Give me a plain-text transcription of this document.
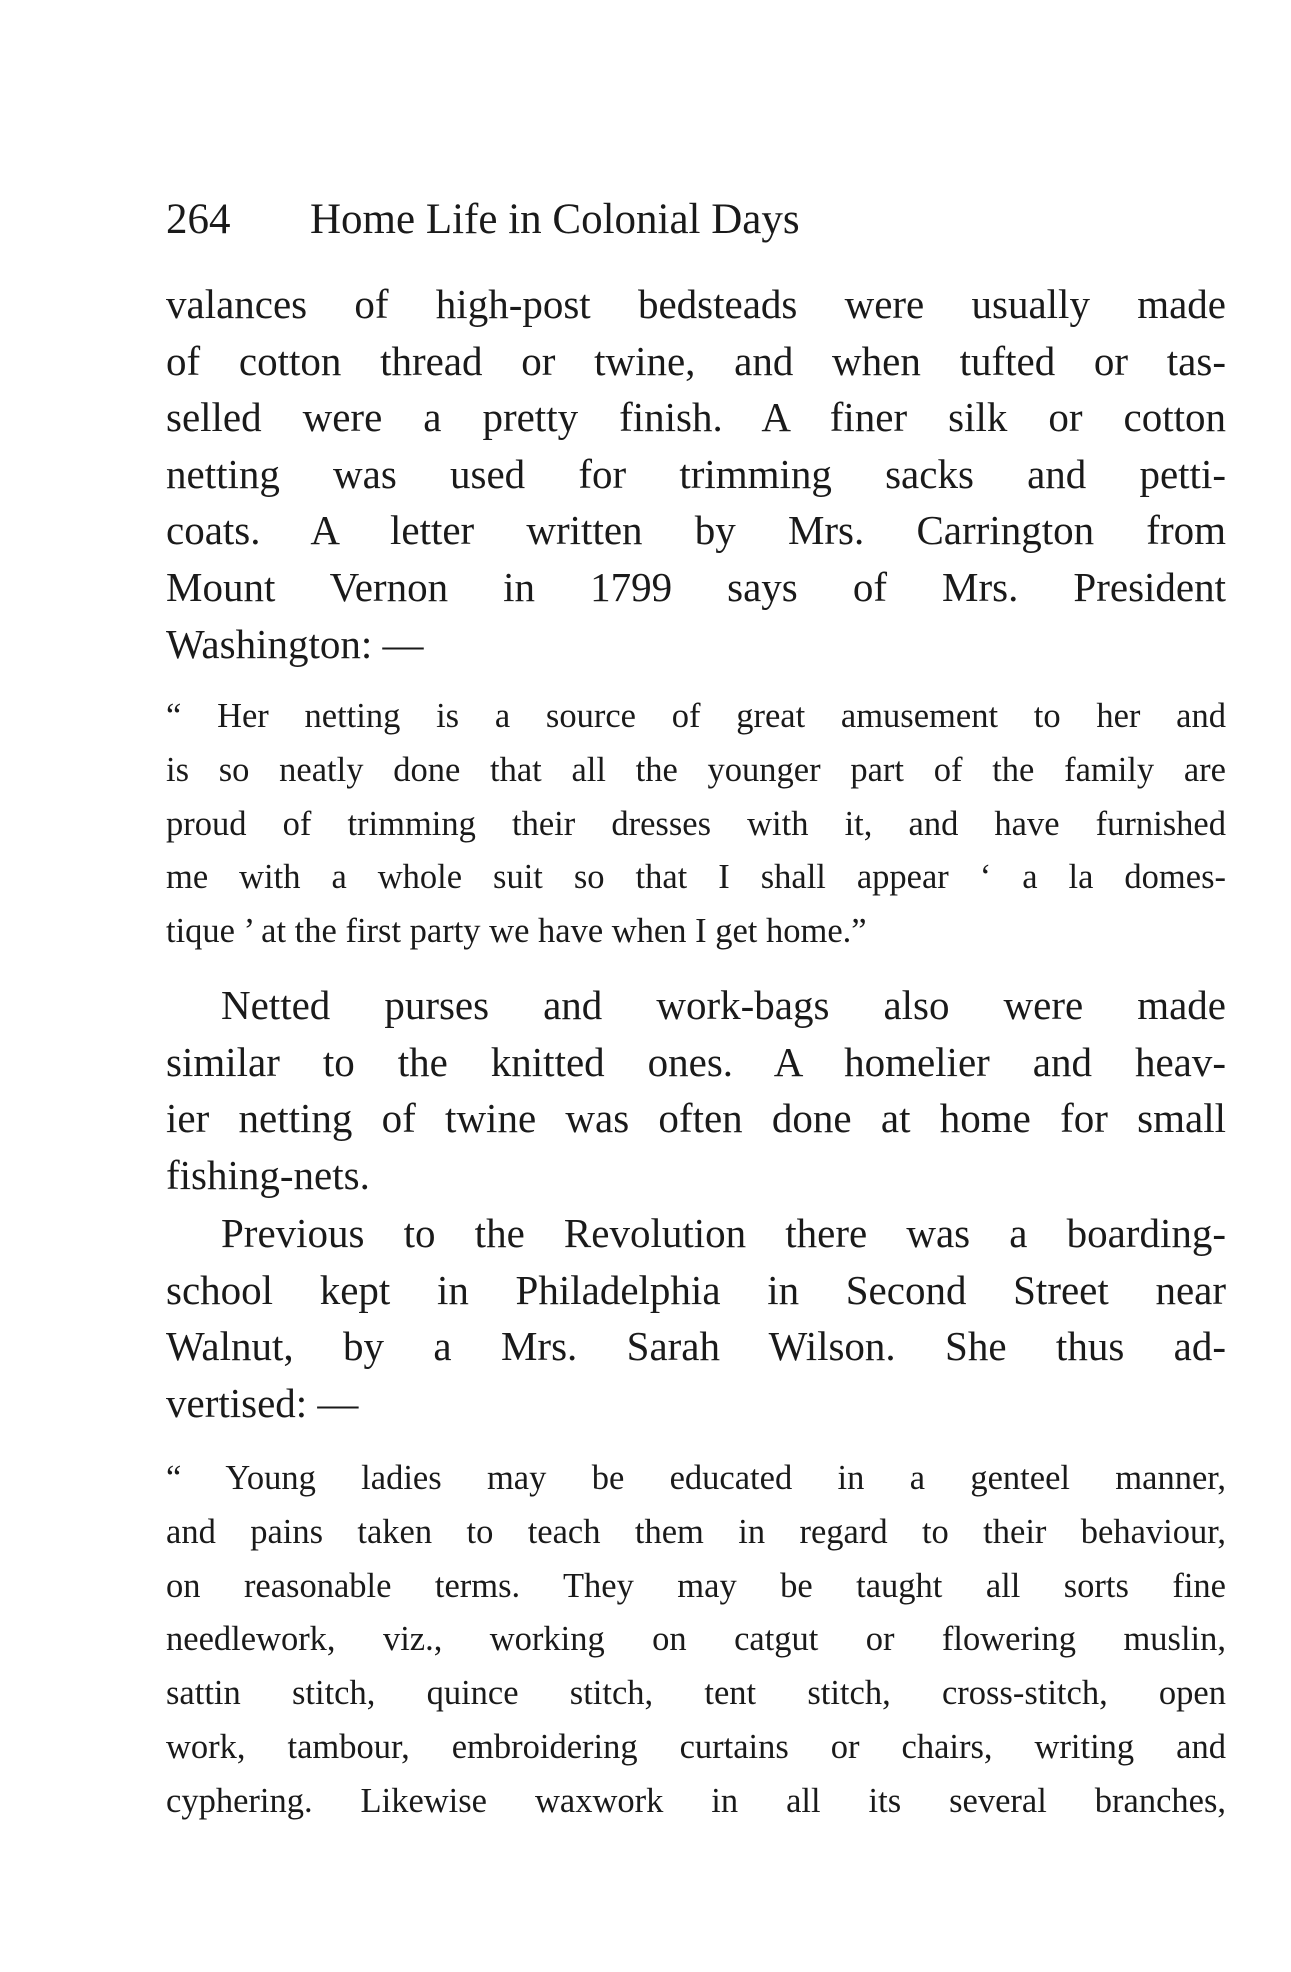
264 Home Life in Colonial Days
valances of high-post bedsteads were usually made
of cotton thread or twine, and when tufted or tas-
selled were a pretty finish. A finer silk or cotton
netting was used for trimming sacks and petti-
coats. A letter written by Mrs. Carrington from
Mount Vernon in 1799 says of Mrs. President
Washington: —
“ Her netting is a source of great amusement to her and
is so neatly done that all the younger part of the family are
proud of trimming their dresses with it, and have furnished
me with a whole suit so that I shall appear ‘ a la domes-
tique ’ at the first party we have when I get home.”
Netted purses and work-bags also were made
similar to the knitted ones. A homelier and heav-
ier netting of twine was often done at home for small
fishing-nets.
Previous to the Revolution there was a boarding-
school kept in Philadelphia in Second Street near
Walnut, by a Mrs. Sarah Wilson. She thus ad-
vertised: —
“ Young ladies may be educated in a genteel manner,
and pains taken to teach them in regard to their behaviour,
on reasonable terms. They may be taught all sorts fine
needlework, viz., working on catgut or flowering muslin,
sattin stitch, quince stitch, tent stitch, cross-stitch, open
work, tambour, embroidering curtains or chairs, writing and
cyphering. Likewise waxwork in all its several branches,
